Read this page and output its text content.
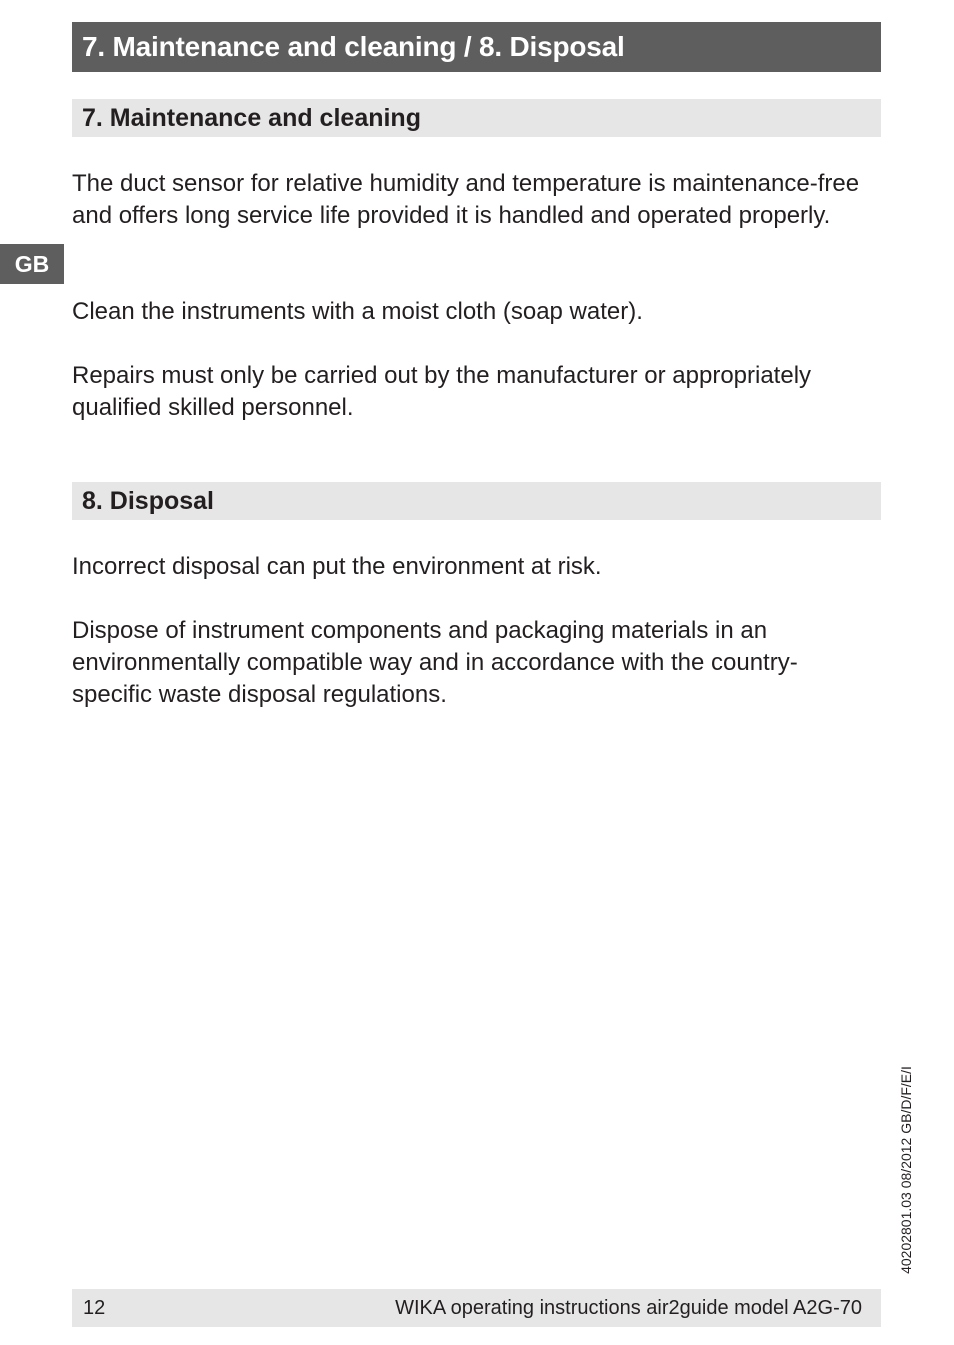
7. Maintenance and cleaning / 8. Disposal
GB
7. Maintenance and cleaning

The duct sensor for relative humidity and temperature is maintenance-free and offers long service life provided it is handled and operated properly.

Clean the instruments with a moist cloth (soap water).

Repairs must only be carried out by the manufacturer or appropriately qualified skilled personnel.

8. Disposal

Incorrect disposal can put the environment at risk.

Dispose of instrument components and packaging materials in an environmentally compatible way and in accordance with the country-specific waste disposal regulations.

40202801.03 08/2012 GB/D/F/E/I
12	WIKA operating instructions air2guide model A2G-70
